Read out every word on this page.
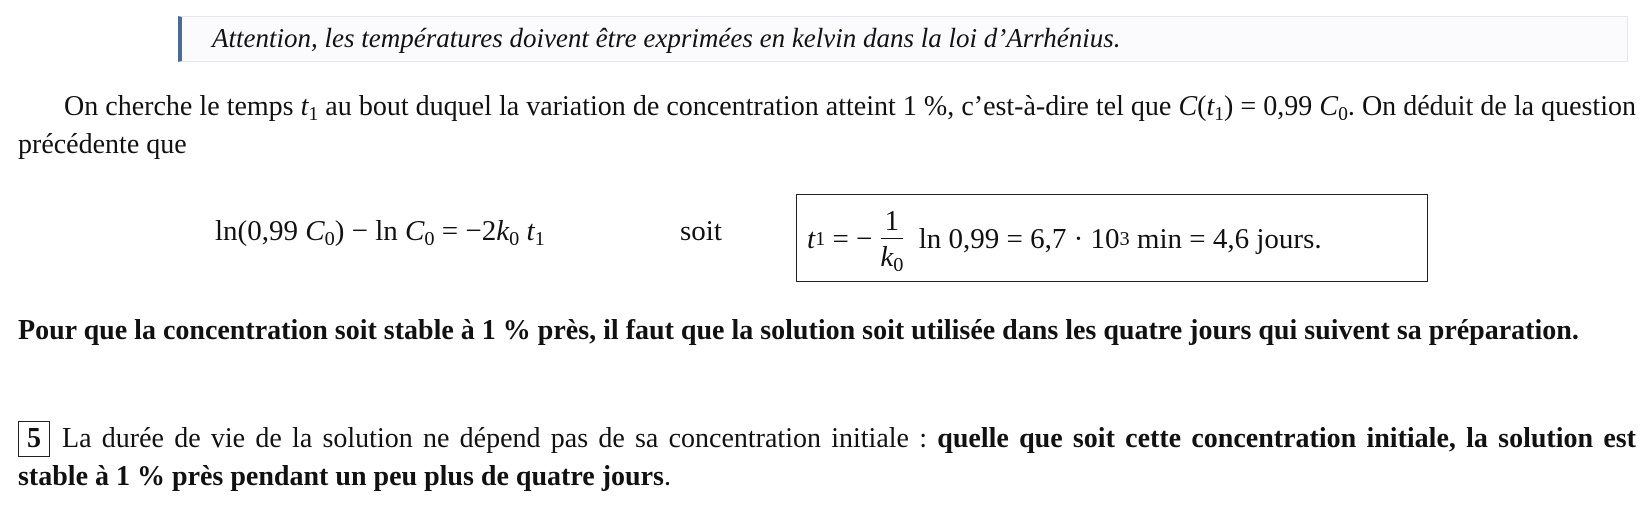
Attention, les températures doivent être exprimées en kelvin dans la loi d’Arrhénius.
On cherche le temps $t_1$ au bout duquel la variation de concentration atteint 1 %, c’est-à-dire tel que $C(t_1) = 0,99$ $C_0$. On déduit de la question précédente que
ln(0,99 $C_0) - \ln C_0 = -2k_0$ $t_1$	soit	t 1 = − $\frac{1}{k_0}$ ln 0,99 = 6,7 · 10 3 min = 4,6 jours.
Pour que la concentration soit stable à 1 % près, il faut que la solution soit utilisée dans les quatre jours qui suivent sa préparation.
5 La durée de vie de la solution ne dépend pas de sa concentration initiale : quelle que soit cette concentration initiale, la solution est stable à 1 % près pendant un peu plus de quatre jours.
